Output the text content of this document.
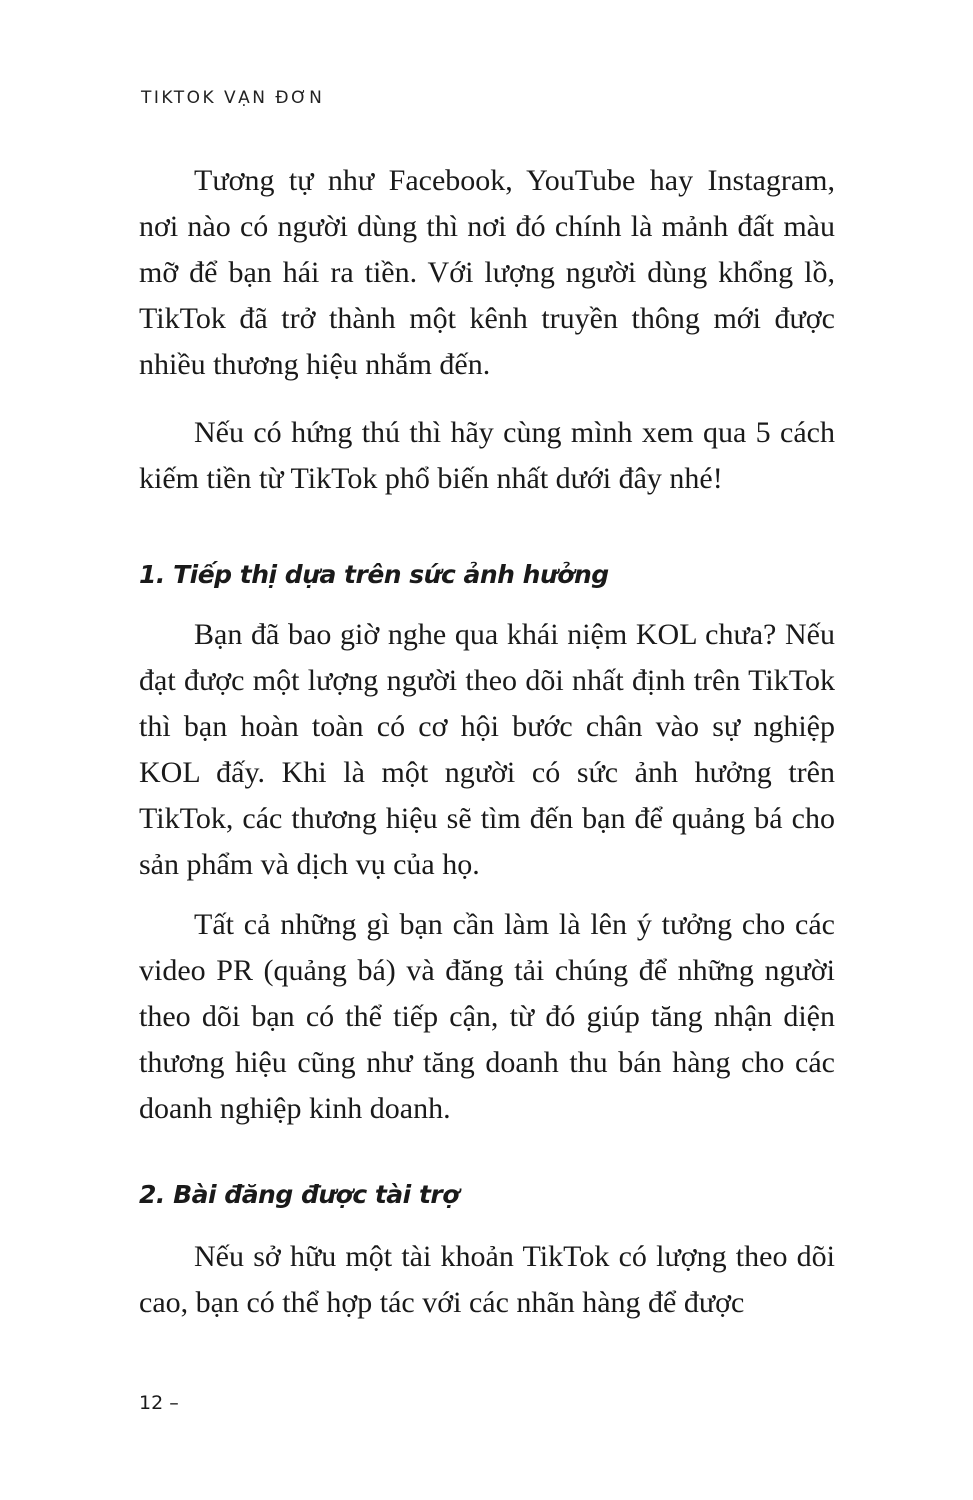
TIKTOK VẠN ĐƠN

Tương tự như Facebook, YouTube hay Instagram, nơi nào có người dùng thì nơi đó chính là mảnh đất màu mỡ để bạn hái ra tiền. Với lượng người dùng khổng lồ, TikTok đã trở thành một kênh truyền thông mới được nhiều thương hiệu nhắm đến.

Nếu có hứng thú thì hãy cùng mình xem qua 5 cách kiếm tiền từ TikTok phổ biến nhất dưới đây nhé!

1. Tiếp thị dựa trên sức ảnh hưởng

Bạn đã bao giờ nghe qua khái niệm KOL chưa? Nếu đạt được một lượng người theo dõi nhất định trên TikTok thì bạn hoàn toàn có cơ hội bước chân vào sự nghiệp KOL đấy. Khi là một người có sức ảnh hưởng trên TikTok, các thương hiệu sẽ tìm đến bạn để quảng bá cho sản phẩm và dịch vụ của họ.

Tất cả những gì bạn cần làm là lên ý tưởng cho các video PR (quảng bá) và đăng tải chúng để những người theo dõi bạn có thể tiếp cận, từ đó giúp tăng nhận diện thương hiệu cũng như tăng doanh thu bán hàng cho các doanh nghiệp kinh doanh.

2. Bài đăng được tài trợ

Nếu sở hữu một tài khoản TikTok có lượng theo dõi cao, bạn có thể hợp tác với các nhãn hàng để được

12 –
